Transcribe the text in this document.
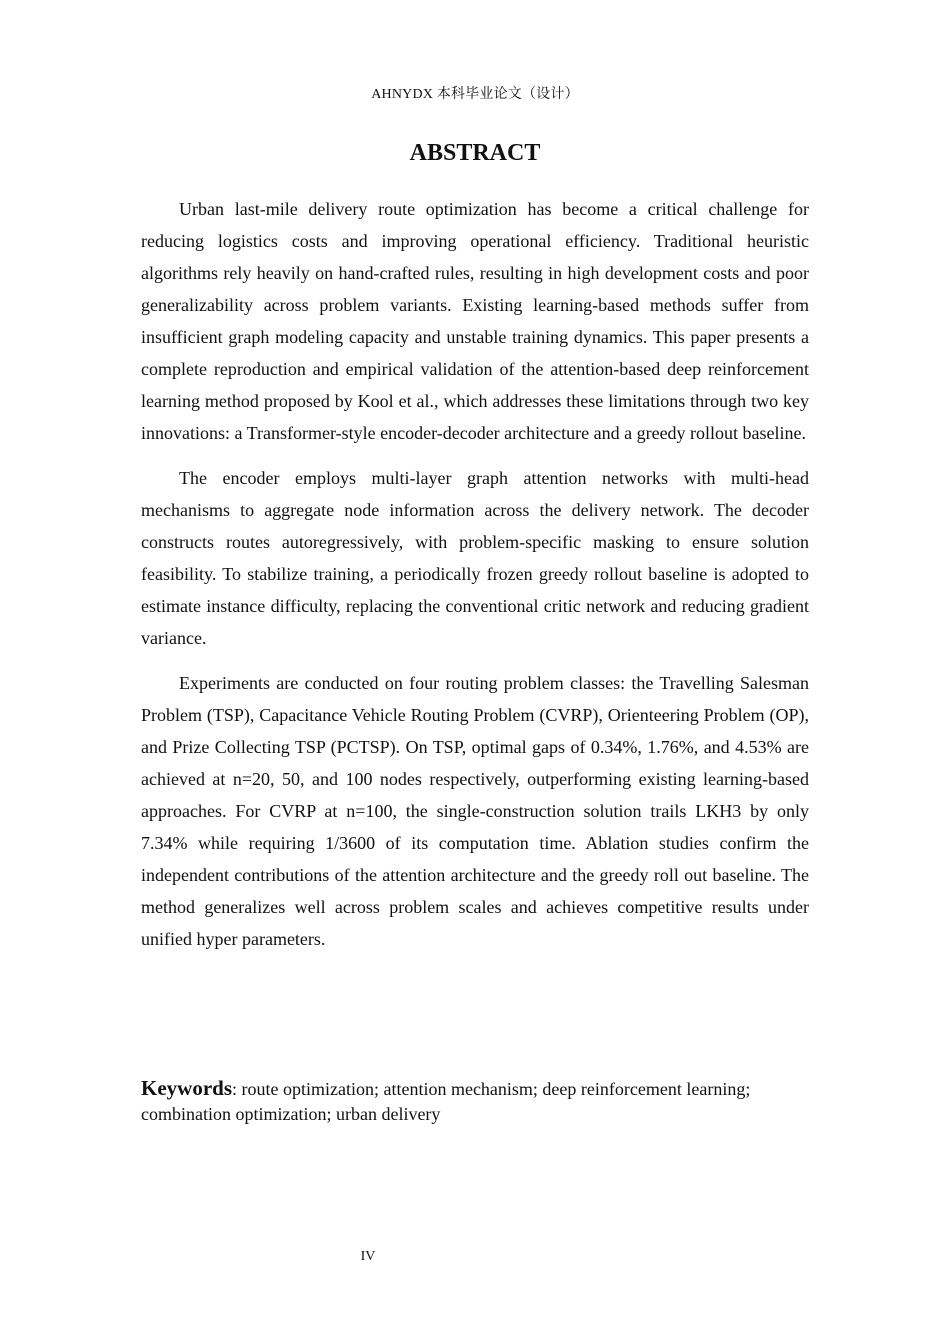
AHNYDX 本科毕业论文（设计）
ABSTRACT

Urban last-mile delivery route optimization has become a critical challenge for reducing logistics costs and improving operational efficiency. Traditional heuristic algorithms rely heavily on hand-crafted rules, resulting in high development costs and poor generalizability across problem variants. Existing learning-based methods suffer from insufficient graph modeling capacity and unstable training dynamics. This paper presents a complete reproduction and empirical validation of the attention-based deep reinforcement learning method proposed by Kool et al., which addresses these limitations through two key innovations: a Transformer-style encoder-decoder architecture and a greedy rollout baseline.

The encoder employs multi-layer graph attention networks with multi-head mechanisms to aggregate node information across the delivery network. The decoder constructs routes autoregressively, with problem-specific masking to ensure solution feasibility. To stabilize training, a periodically frozen greedy rollout baseline is adopted to estimate instance difficulty, replacing the conventional critic network and reducing gradient variance.

Experiments are conducted on four routing problem classes: the Travelling Salesman Problem (TSP), Capacitance Vehicle Routing Problem (CVRP), Orienteering Problem (OP), and Prize Collecting TSP (PCTSP). On TSP, optimal gaps of 0.34%, 1.76%, and 4.53% are achieved at n=20, 50, and 100 nodes respectively, outperforming existing learning-based approaches. For CVRP at n=100, the single-construction solution trails LKH3 by only 7.34% while requiring 1/3600 of its computation time. Ablation studies confirm the independent contributions of the attention architecture and the greedy roll out baseline. The method generalizes well across problem scales and achieves competitive results under unified hyper parameters.

Keywords: route optimization; attention mechanism; deep reinforcement learning; combination optimization; urban delivery

IV
